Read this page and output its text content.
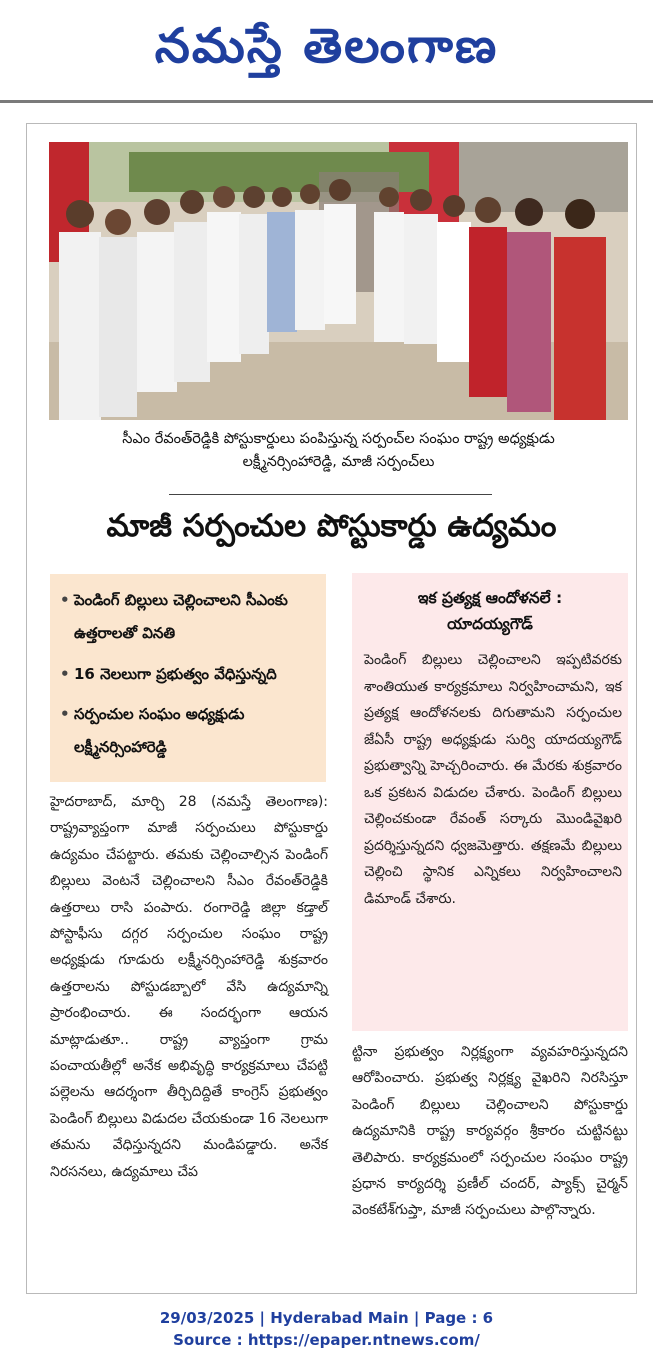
నమస్తే తెలంగాణ
సీఎం రేవంత్‌రెడ్డికి పోస్టుకార్డులు పంపిస్తున్న సర్పంచ్‌ల సంఘం రాష్ట్ర అధ్యక్షుడు
లక్ష్మీనర్సింహారెడ్డి, మాజీ సర్పంచ్‌లు
మాజీ సర్పంచుల పోస్టుకార్డు ఉద్యమం
• పెండింగ్ బిల్లులు చెల్లించాలని సీఎంకు ఉత్తరాలతో వినతి
• 16 నెలలుగా ప్రభుత్వం వేధిస్తున్నది
• సర్పంచుల సంఘం అధ్యక్షుడు లక్ష్మీనర్సింహారెడ్డి
ఇక ప్రత్యక్ష ఆందోళనలే :
యాదయ్యగౌడ్
పెండింగ్ బిల్లులు చెల్లించాలని ఇప్పటివరకు శాంతియుత కార్యక్రమాలు నిర్వహించామని, ఇక ప్రత్యక్ష ఆందోళనలకు దిగుతామని సర్పంచుల జేఏసీ రాష్ట్ర అధ్యక్షుడు సుర్వి యాదయ్యగౌడ్ ప్రభుత్వాన్ని హెచ్చరించారు. ఈ మేరకు శుక్రవారం ఒక ప్రకటన విడుదల చేశారు. పెండింగ్ బిల్లులు చెల్లించకుండా రేవంత్ సర్కారు మొండివైఖరి ప్రదర్శిస్తున్నదని ధ్వజమెత్తారు. తక్షణమే బిల్లులు చెల్లించి స్థానిక ఎన్నికలు నిర్వహించాలని డిమాండ్ చేశారు.
హైదరాబాద్, మార్చి 28 (నమస్తే తెలంగాణ): రాష్ట్రవ్యాప్తంగా మాజీ సర్పంచులు పోస్టుకార్డు ఉద్యమం చేపట్టారు. తమకు చెల్లించాల్సిన పెండింగ్ బిల్లులు వెంటనే చెల్లించాలని సీఎం రేవంత్‌రెడ్డికి ఉత్తరాలు రాసి పంపారు. రంగారెడ్డి జిల్లా కడ్తాల్ పోస్టాఫీసు దగ్గర సర్పంచుల సంఘం రాష్ట్ర అధ్యక్షుడు గూడురు లక్ష్మీనర్సింహారెడ్డి శుక్రవారం ఉత్తరాలను పోస్టుడబ్బాలో వేసి ఉద్యమాన్ని ప్రారంభించారు. ఈ సందర్భంగా ఆయన మాట్లాడుతూ.. రాష్ట్ర వ్యాప్తంగా గ్రామ పంచాయతీల్లో అనేక అభివృద్ధి కార్యక్రమాలు చేపట్టి పల్లెలను ఆదర్శంగా తీర్చిదిద్దితే కాంగ్రెస్ ప్రభుత్వం పెండింగ్ బిల్లులు విడుదల చేయకుండా 16 నెలలుగా తమను వేధిస్తున్నదని మండిపడ్డారు. అనేక నిరసనలు, ఉద్యమాలు చేప
ట్టినా ప్రభుత్వం నిర్లక్ష్యంగా వ్యవహరిస్తున్నదని ఆరోపించారు. ప్రభుత్వ నిర్లక్ష్య వైఖరిని నిరసిస్తూ పెండింగ్ బిల్లులు చెల్లించాలని పోస్టుకార్డు ఉద్యమానికి రాష్ట్ర కార్యవర్గం శ్రీకారం చుట్టినట్టు తెలిపారు. కార్యక్రమంలో సర్పంచుల సంఘం రాష్ట్ర ప్రధాన కార్యదర్శి ప్రణీల్ చందర్, ప్యాక్స్ చైర్మన్ వెంకటేశ్‌గుప్తా, మాజీ సర్పంచులు పాల్గొన్నారు.
29/03/2025 | Hyderabad Main | Page : 6
Source : https://epaper.ntnews.com/
